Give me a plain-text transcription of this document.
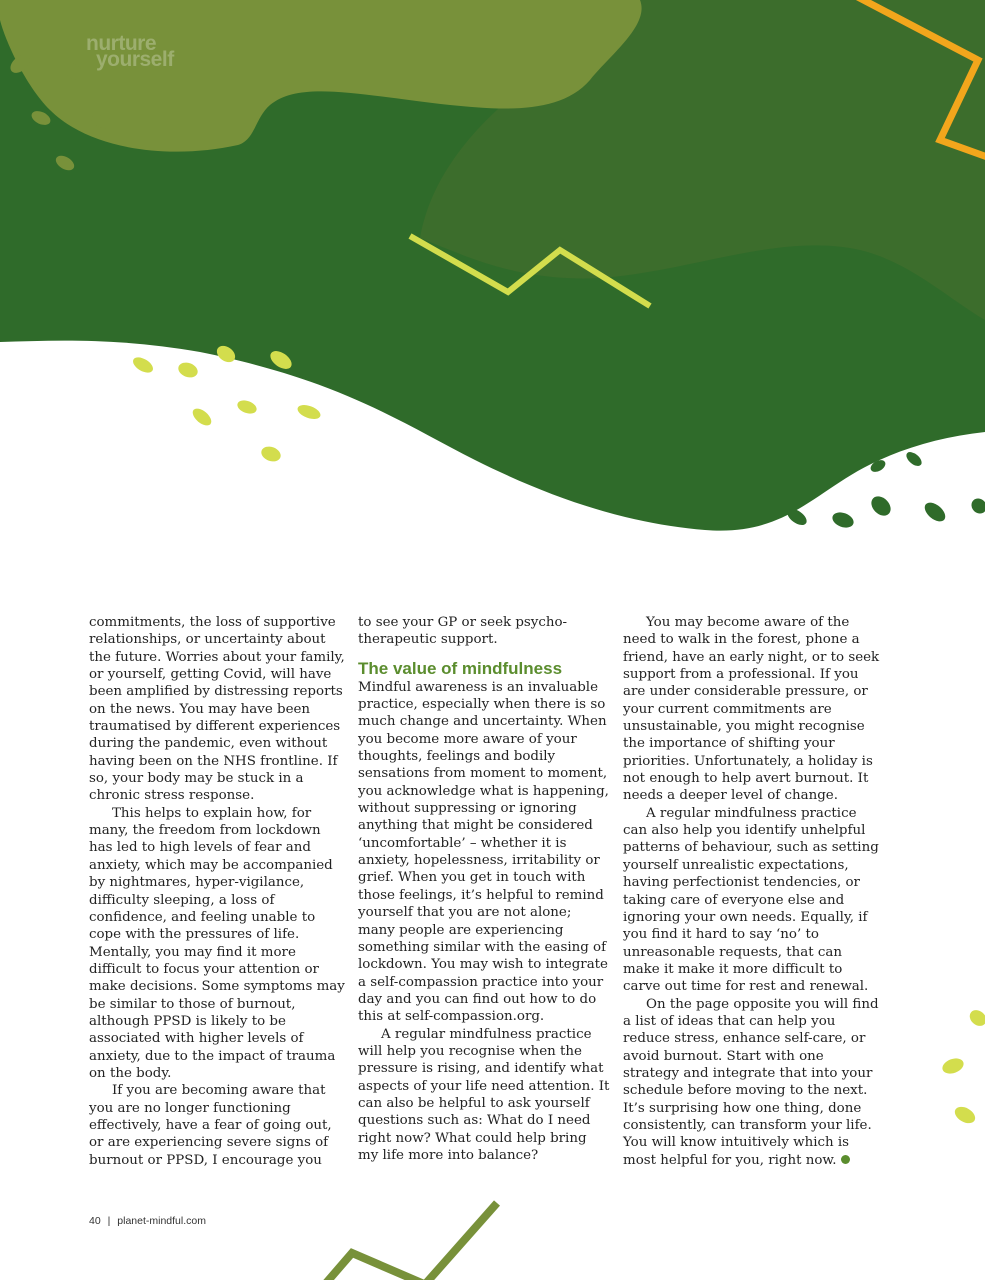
nurture
yourself

commitments, the loss of supportive relationships, or uncertainty about the future. Worries about your family, or yourself, getting Covid, will have been amplified by distressing reports on the news. You may have been traumatised by different experiences during the pandemic, even without having been on the NHS frontline. If so, your body may be stuck in a chronic stress response.

This helps to explain how, for many, the freedom from lockdown has led to high levels of fear and anxiety, which may be accompanied by nightmares, hyper-vigilance, difficulty sleeping, a loss of confidence, and feeling unable to cope with the pressures of life. Mentally, you may find it more difficult to focus your attention or make decisions. Some symptoms may be similar to those of burnout, although PPSD is likely to be associated with higher levels of anxiety, due to the impact of trauma on the body.

If you are becoming aware that you are no longer functioning effectively, have a fear of going out, or are experiencing severe signs of burnout or PPSD, I encourage you

to see your GP or seek psycho-therapeutic support.

The value of mindfulness

Mindful awareness is an invaluable practice, especially when there is so much change and uncertainty. When you become more aware of your thoughts, feelings and bodily sensations from moment to moment, you acknowledge what is happening, without suppressing or ignoring anything that might be considered ‘uncomfortable’ – whether it is anxiety, hopelessness, irritability or grief. When you get in touch with those feelings, it’s helpful to remind yourself that you are not alone; many people are experiencing something similar with the easing of lockdown. You may wish to integrate a self-compassion practice into your day and you can find out how to do this at self-compassion.org.

A regular mindfulness practice will help you recognise when the pressure is rising, and identify what aspects of your life need attention. It can also be helpful to ask yourself questions such as: What do I need right now? What could help bring my life more into balance?

You may become aware of the need to walk in the forest, phone a friend, have an early night, or to seek support from a professional. If you are under considerable pressure, or your current commitments are unsustainable, you might recognise the importance of shifting your priorities. Unfortunately, a holiday is not enough to help avert burnout. It needs a deeper level of change.

A regular mindfulness practice can also help you identify unhelpful patterns of behaviour, such as setting yourself unrealistic expectations, having perfectionist tendencies, or taking care of everyone else and ignoring your own needs. Equally, if you find it hard to say ‘no’ to unreasonable requests, that can make it make it more difficult to carve out time for rest and renewal.

On the page opposite you will find a list of ideas that can help you reduce stress, enhance self-care, or avoid burnout. Start with one strategy and integrate that into your schedule before moving to the next. It’s surprising how one thing, done consistently, can transform your life. You will know intuitively which is most helpful for you, right now.

40 | planet-mindful.com
